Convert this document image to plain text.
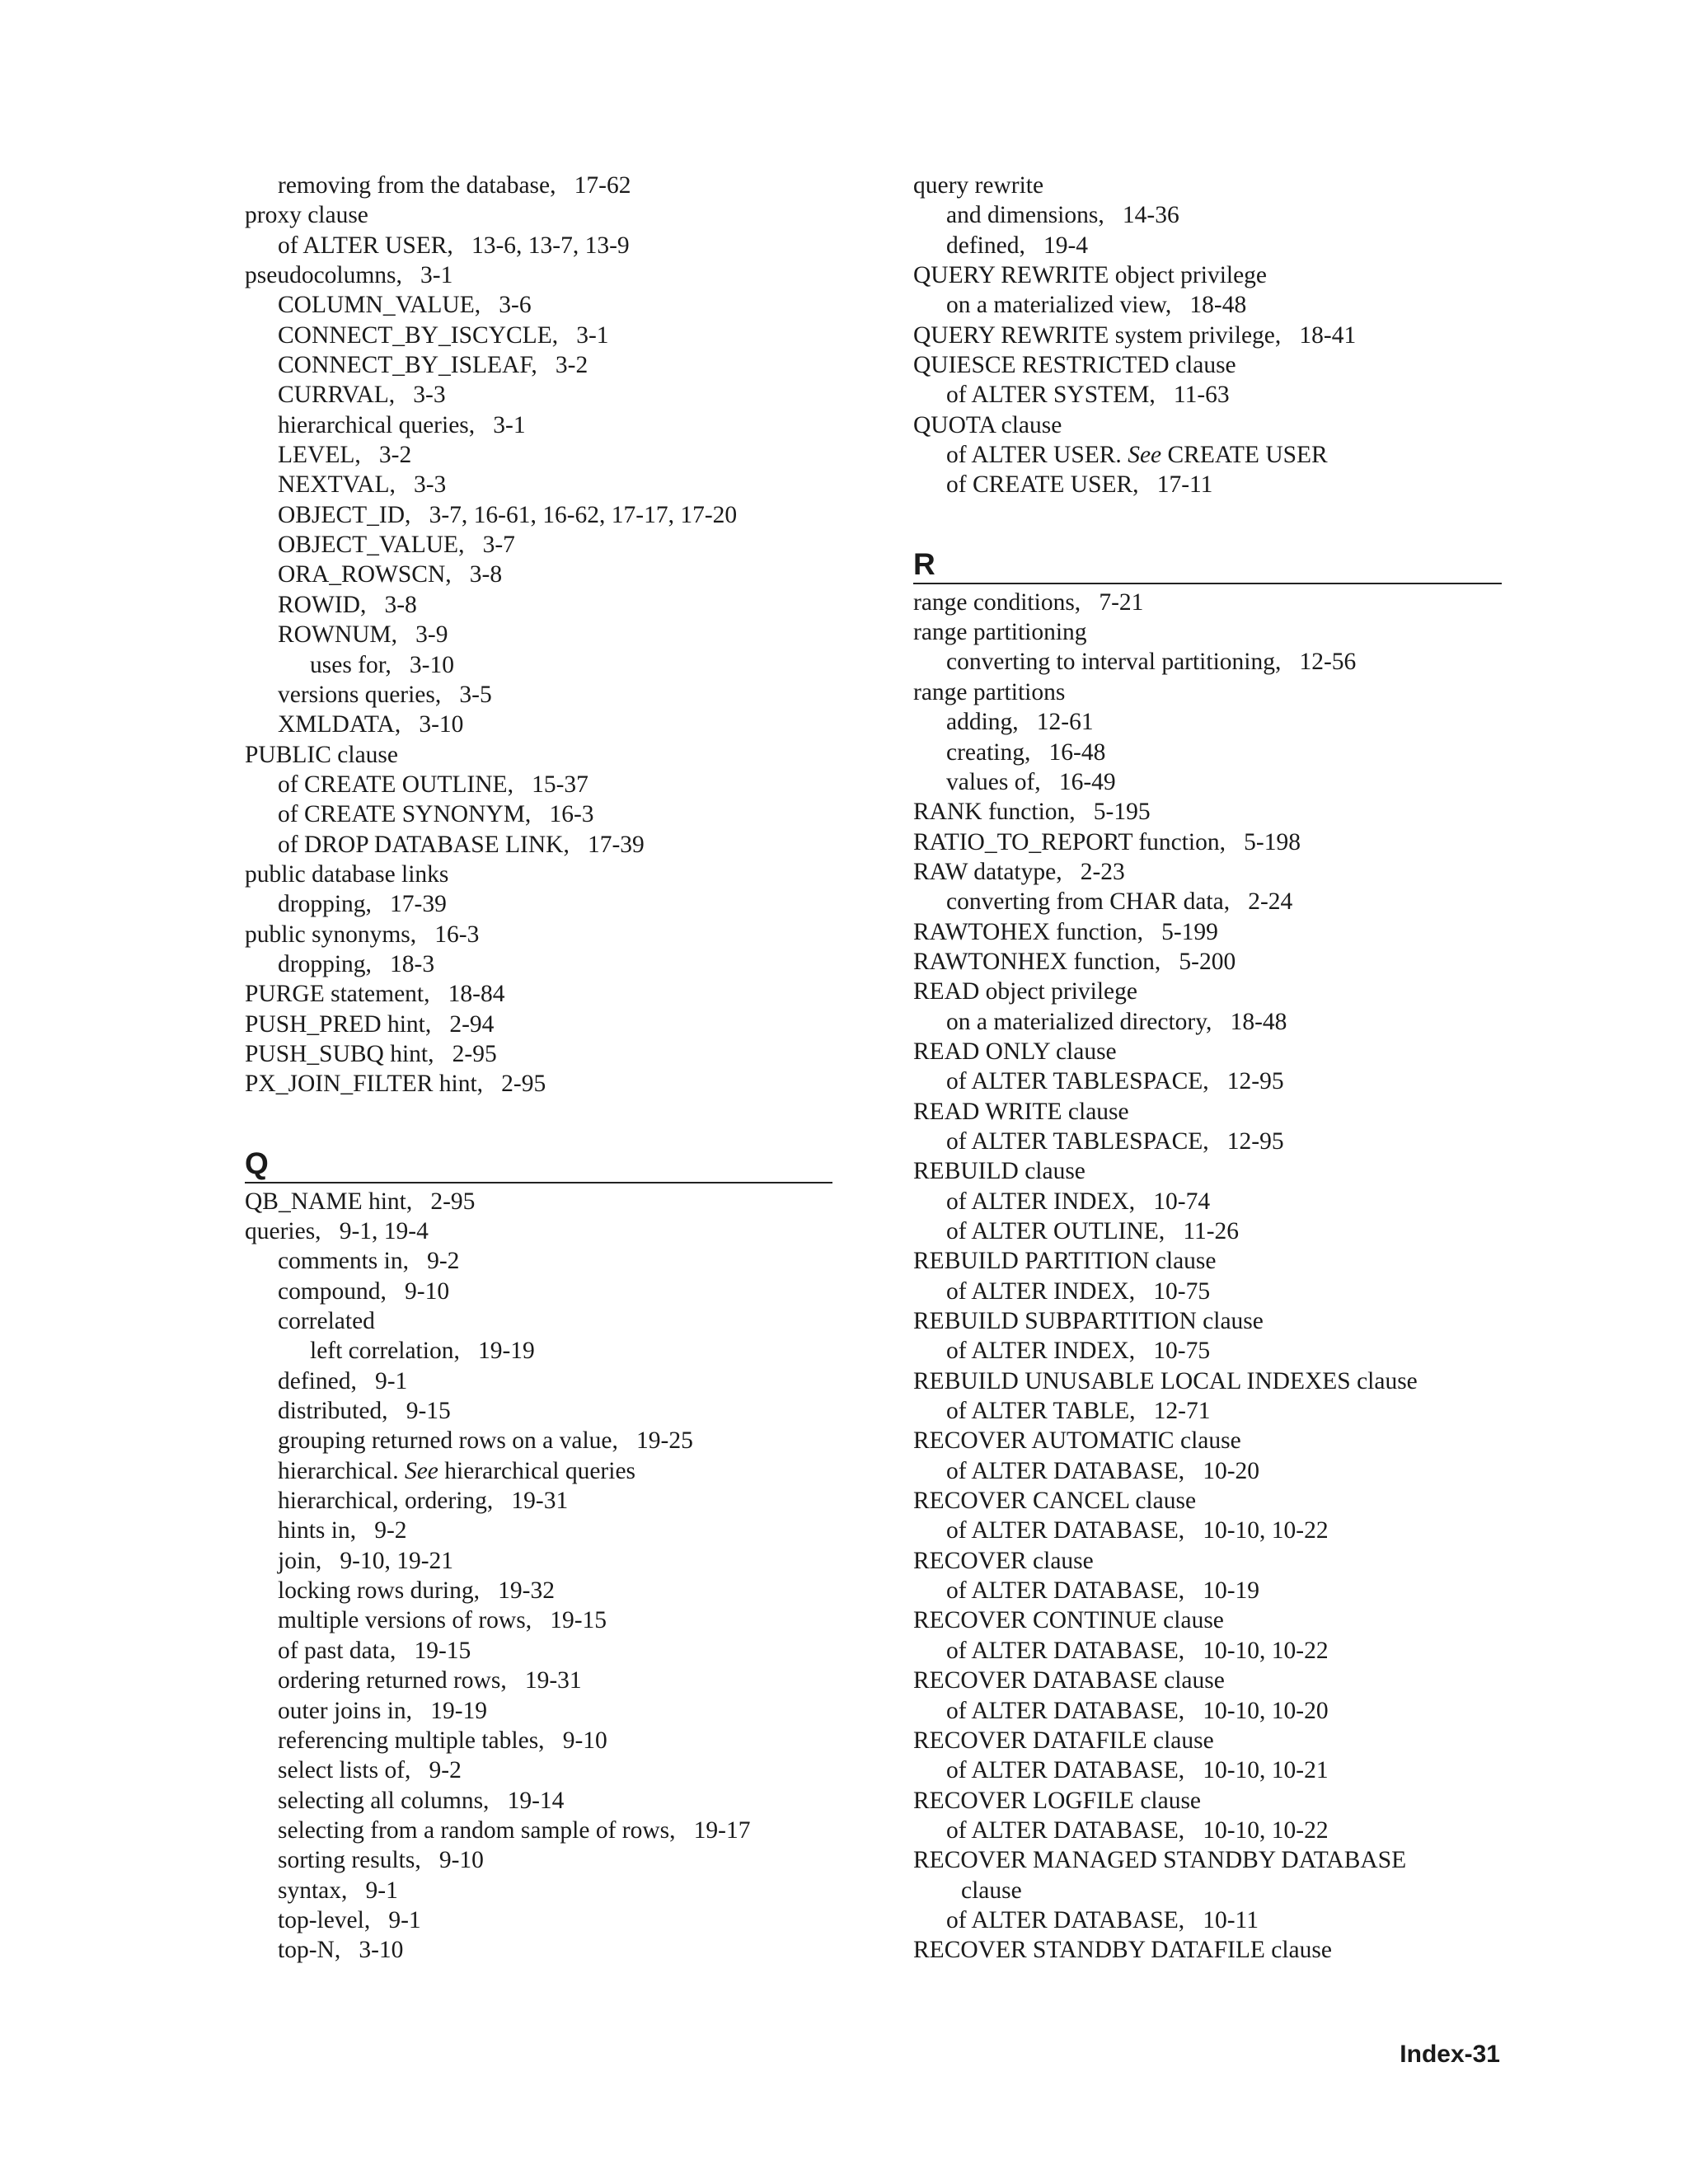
removing from the database, 17-62
proxy clause
of ALTER USER, 13-6, 13-7, 13-9
pseudocolumns, 3-1
COLUMN_VALUE, 3-6
CONNECT_BY_ISCYCLE, 3-1
CONNECT_BY_ISLEAF, 3-2
CURRVAL, 3-3
hierarchical queries, 3-1
LEVEL, 3-2
NEXTVAL, 3-3
OBJECT_ID, 3-7, 16-61, 16-62, 17-17, 17-20
OBJECT_VALUE, 3-7
ORA_ROWSCN, 3-8
ROWID, 3-8
ROWNUM, 3-9
uses for, 3-10
versions queries, 3-5
XMLDATA, 3-10
PUBLIC clause
of CREATE OUTLINE, 15-37
of CREATE SYNONYM, 16-3
of DROP DATABASE LINK, 17-39
public database links
dropping, 17-39
public synonyms, 16-3
dropping, 18-3
PURGE statement, 18-84
PUSH_PRED hint, 2-94
PUSH_SUBQ hint, 2-95
PX_JOIN_FILTER hint, 2-95
Q
QB_NAME hint, 2-95
queries, 9-1, 19-4
comments in, 9-2
compound, 9-10
correlated
left correlation, 19-19
defined, 9-1
distributed, 9-15
grouping returned rows on a value, 19-25
hierarchical. See hierarchical queries
hierarchical, ordering, 19-31
hints in, 9-2
join, 9-10, 19-21
locking rows during, 19-32
multiple versions of rows, 19-15
of past data, 19-15
ordering returned rows, 19-31
outer joins in, 19-19
referencing multiple tables, 9-10
select lists of, 9-2
selecting all columns, 19-14
selecting from a random sample of rows, 19-17
sorting results, 9-10
syntax, 9-1
top-level, 9-1
top-N, 3-10
query rewrite
and dimensions, 14-36
defined, 19-4
QUERY REWRITE object privilege
on a materialized view, 18-48
QUERY REWRITE system privilege, 18-41
QUIESCE RESTRICTED clause
of ALTER SYSTEM, 11-63
QUOTA clause
of ALTER USER. See CREATE USER
of CREATE USER, 17-11
R
range conditions, 7-21
range partitioning
converting to interval partitioning, 12-56
range partitions
adding, 12-61
creating, 16-48
values of, 16-49
RANK function, 5-195
RATIO_TO_REPORT function, 5-198
RAW datatype, 2-23
converting from CHAR data, 2-24
RAWTOHEX function, 5-199
RAWTONHEX function, 5-200
READ object privilege
on a materialized directory, 18-48
READ ONLY clause
of ALTER TABLESPACE, 12-95
READ WRITE clause
of ALTER TABLESPACE, 12-95
REBUILD clause
of ALTER INDEX, 10-74
of ALTER OUTLINE, 11-26
REBUILD PARTITION clause
of ALTER INDEX, 10-75
REBUILD SUBPARTITION clause
of ALTER INDEX, 10-75
REBUILD UNUSABLE LOCAL INDEXES clause
of ALTER TABLE, 12-71
RECOVER AUTOMATIC clause
of ALTER DATABASE, 10-20
RECOVER CANCEL clause
of ALTER DATABASE, 10-10, 10-22
RECOVER clause
of ALTER DATABASE, 10-19
RECOVER CONTINUE clause
of ALTER DATABASE, 10-10, 10-22
RECOVER DATABASE clause
of ALTER DATABASE, 10-10, 10-20
RECOVER DATAFILE clause
of ALTER DATABASE, 10-10, 10-21
RECOVER LOGFILE clause
of ALTER DATABASE, 10-10, 10-22
RECOVER MANAGED STANDBY DATABASE
clause
of ALTER DATABASE, 10-11
RECOVER STANDBY DATAFILE clause
Index-31
